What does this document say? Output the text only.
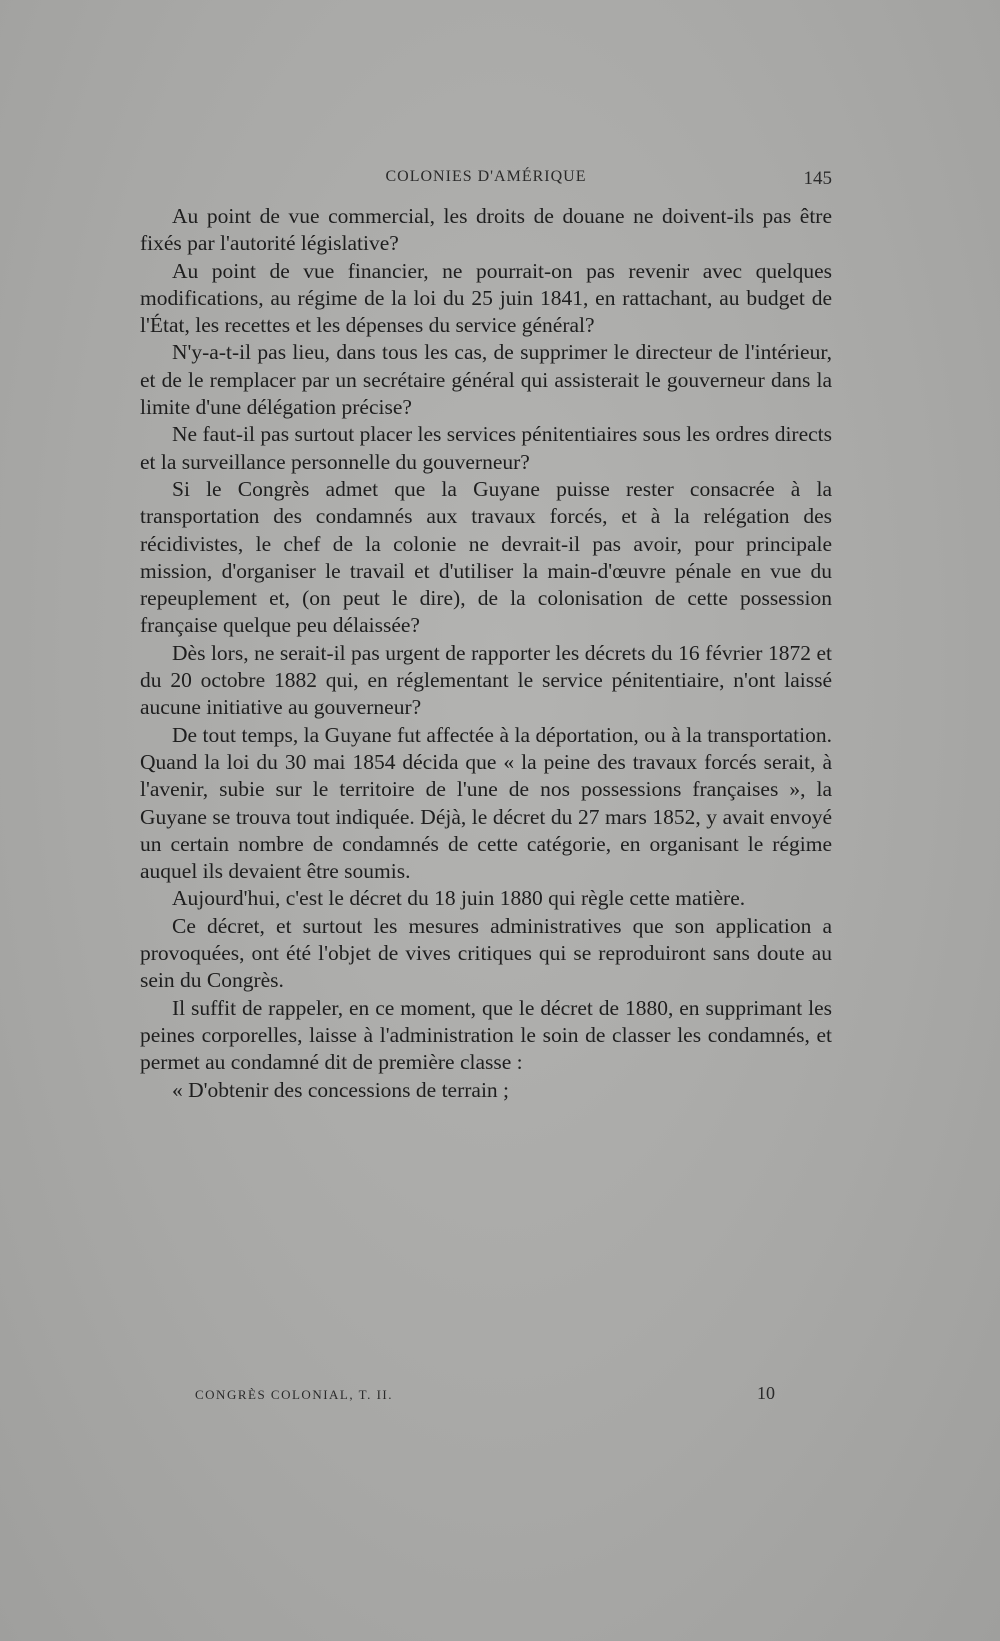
COLONIES D'AMÉRIQUE	145

Au point de vue commercial, les droits de douane ne doivent-ils pas être fixés par l'autorité législative?

Au point de vue financier, ne pourrait-on pas revenir avec quelques modifications, au régime de la loi du 25 juin 1841, en rattachant, au budget de l'État, les recettes et les dépenses du service général?

N'y-a-t-il pas lieu, dans tous les cas, de supprimer le directeur de l'intérieur, et de le remplacer par un secrétaire général qui assisterait le gouverneur dans la limite d'une délégation précise?

Ne faut-il pas surtout placer les services pénitentiaires sous les ordres directs et la surveillance personnelle du gouverneur?

Si le Congrès admet que la Guyane puisse rester consacrée à la transportation des condamnés aux travaux forcés, et à la relégation des récidivistes, le chef de la colonie ne devrait-il pas avoir, pour principale mission, d'organiser le travail et d'utiliser la main-d'œuvre pénale en vue du repeuplement et, (on peut le dire), de la colonisation de cette possession française quelque peu délaissée?

Dès lors, ne serait-il pas urgent de rapporter les décrets du 16 février 1872 et du 20 octobre 1882 qui, en réglementant le service pénitentiaire, n'ont laissé aucune initiative au gouverneur?

De tout temps, la Guyane fut affectée à la déportation, ou à la transportation. Quand la loi du 30 mai 1854 décida que « la peine des travaux forcés serait, à l'avenir, subie sur le territoire de l'une de nos possessions françaises », la Guyane se trouva tout indiquée. Déjà, le décret du 27 mars 1852, y avait envoyé un certain nombre de condamnés de cette catégorie, en organisant le régime auquel ils devaient être soumis.

Aujourd'hui, c'est le décret du 18 juin 1880 qui règle cette matière.

Ce décret, et surtout les mesures administratives que son application a provoquées, ont été l'objet de vives critiques qui se reproduiront sans doute au sein du Congrès.

Il suffit de rappeler, en ce moment, que le décret de 1880, en supprimant les peines corporelles, laisse à l'administration le soin de classer les condamnés, et permet au condamné dit de première classe :

« D'obtenir des concessions de terrain ;

CONGRÈS COLONIAL, T. II.	10
